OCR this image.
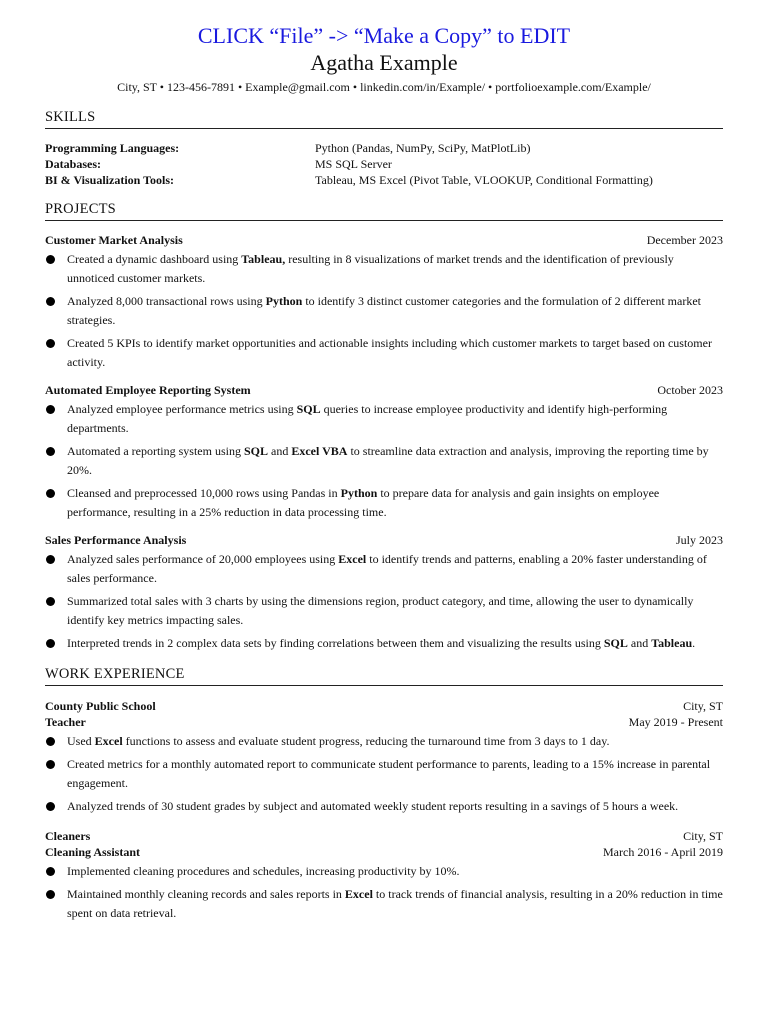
CLICK “File” -> “Make a Copy” to EDIT
Agatha Example
City, ST • 123-456-7891 • Example@gmail.com • linkedin.com/in/Example/ • portfolioexample.com/Example/
SKILLS
Programming Languages:	Python (Pandas, NumPy, SciPy, MatPlotLib)
Databases:	MS SQL Server
BI & Visualization Tools:	Tableau, MS Excel (Pivot Table, VLOOKUP, Conditional Formatting)
PROJECTS
Customer Market Analysis	December 2023
Created a dynamic dashboard using Tableau, resulting in 8 visualizations of market trends and the identification of previously unnoticed customer markets.
Analyzed 8,000 transactional rows using Python to identify 3 distinct customer categories and the formulation of 2 different market strategies.
Created 5 KPIs to identify market opportunities and actionable insights including which customer markets to target based on customer activity.
Automated Employee Reporting System	October 2023
Analyzed employee performance metrics using SQL queries to increase employee productivity and identify high-performing departments.
Automated a reporting system using SQL and Excel VBA to streamline data extraction and analysis, improving the reporting time by 20%.
Cleansed and preprocessed 10,000 rows using Pandas in Python to prepare data for analysis and gain insights on employee performance, resulting in a 25% reduction in data processing time.
Sales Performance Analysis	July 2023
Analyzed sales performance of 20,000 employees using Excel to identify trends and patterns, enabling a 20% faster understanding of sales performance.
Summarized total sales with 3 charts by using the dimensions region, product category, and time, allowing the user to dynamically identify key metrics impacting sales.
Interpreted trends in 2 complex data sets by finding correlations between them and visualizing the results using SQL and Tableau.
WORK EXPERIENCE
County Public School	City, ST
Teacher	May 2019 - Present
Used Excel functions to assess and evaluate student progress, reducing the turnaround time from 3 days to 1 day.
Created metrics for a monthly automated report to communicate student performance to parents, leading to a 15% increase in parental engagement.
Analyzed trends of 30 student grades by subject and automated weekly student reports resulting in a savings of 5 hours a week.
Cleaners	City, ST
Cleaning Assistant	March 2016 - April 2019
Implemented cleaning procedures and schedules, increasing productivity by 10%.
Maintained monthly cleaning records and sales reports in Excel to track trends of financial analysis, resulting in a 20% reduction in time spent on data retrieval.
